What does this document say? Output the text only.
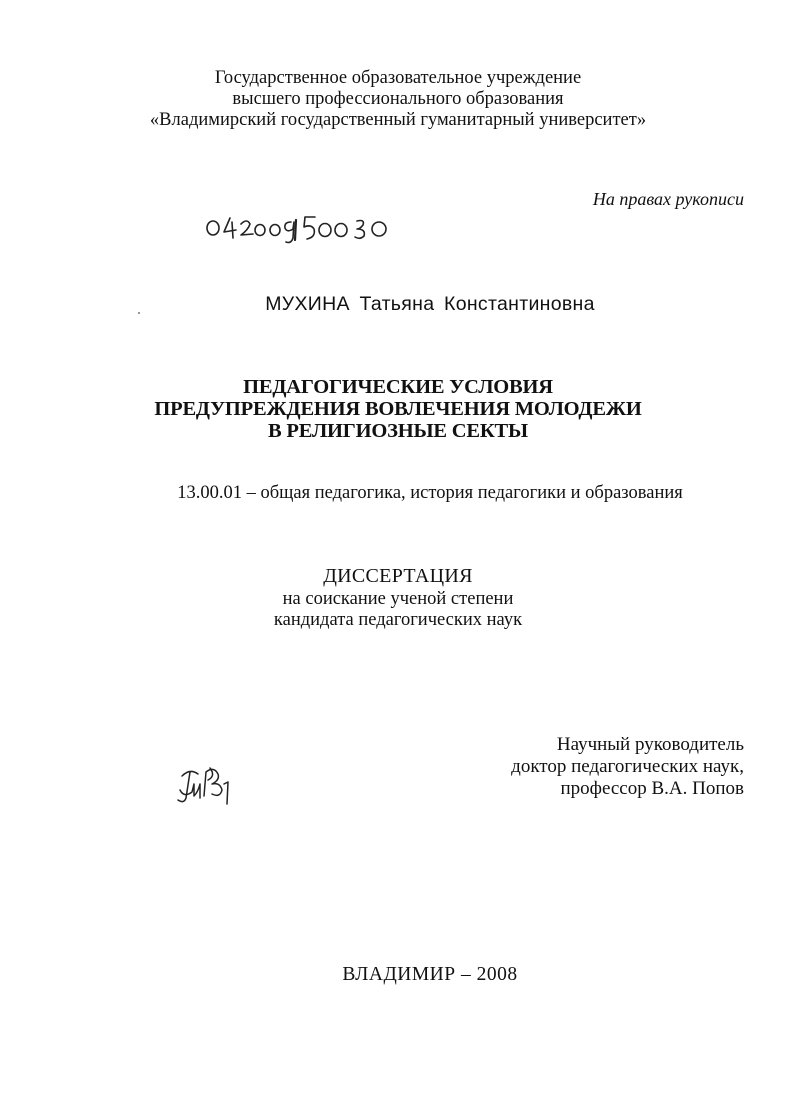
Государственное образовательное учреждение
высшего профессионального образования
«Владимирский государственный гуманитарный университет»
На правах рукописи
МУХИНА Татьяна Константиновна
ПЕДАГОГИЧЕСКИЕ УСЛОВИЯ
ПРЕДУПРЕЖДЕНИЯ ВОВЛЕЧЕНИЯ МОЛОДЕЖИ
В РЕЛИГИОЗНЫЕ СЕКТЫ
13.00.01 – общая педагогика, история педагогики и образования
ДИССЕРТАЦИЯ
на соискание ученой степени
кандидата педагогических наук
Научный руководитель
доктор педагогических наук,
профессор В.А. Попов
ВЛАДИМИР – 2008
